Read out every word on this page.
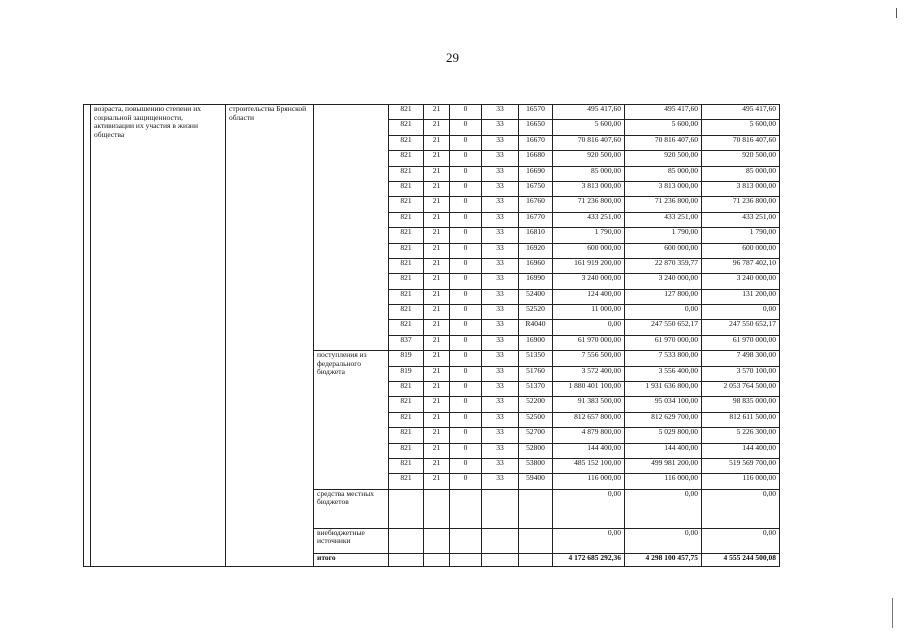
29
	возраста, повышению степени их социальной защищенности, активизации их участия в жизни общества	строительства Брянской области		821	21	0	33	16570	495 417,60	495 417,60	495 417,60
				821	21	0	33	16650	5 600,00	5 600,00	5 600,00
				821	21	0	33	16670	70 816 407,60	70 816 407,60	70 816 407,60
				821	21	0	33	16680	920 500,00	920 500,00	920 500,00
				821	21	0	33	16690	85 000,00	85 000,00	85 000,00
				821	21	0	33	16750	3 813 000,00	3 813 000,00	3 813 000,00
				821	21	0	33	16760	71 236 800,00	71 236 800,00	71 236 800,00
				821	21	0	33	16770	433 251,00	433 251,00	433 251,00
				821	21	0	33	16810	1 790,00	1 790,00	1 790,00
				821	21	0	33	16920	600 000,00	600 000,00	600 000,00
				821	21	0	33	16960	161 919 200,00	22 870 359,77	96 787 402,10
				821	21	0	33	16990	3 240 000,00	3 240 000,00	3 240 000,00
				821	21	0	33	52400	124 400,00	127 800,00	131 200,00
				821	21	0	33	52520	11 000,00	0,00	0,00
				821	21	0	33	R4040	0,00	247 550 652,17	247 550 652,17
				837	21	0	33	16900	61 970 000,00	61 970 000,00	61 970 000,00
			поступления из федерального бюджета	819	21	0	33	51350	7 556 500,00	7 533 800,00	7 498 300,00
				819	21	0	33	51760	3 572 400,00	3 556 400,00	3 570 100,00
				821	21	0	33	51370	1 880 401 100,00	1 931 636 800,00	2 053 764 500,00
				821	21	0	33	52200	91 383 500,00	95 034 100,00	98 835 000,00
				821	21	0	33	52500	812 657 800,00	812 629 700,00	812 611 500,00
				821	21	0	33	52700	4 879 800,00	5 029 800,00	5 226 300,00
				821	21	0	33	52800	144 400,00	144 400,00	144 400,00
				821	21	0	33	53800	485 152 100,00	499 981 200,00	519 569 700,00
				821	21	0	33	59400	116 000,00	116 000,00	116 000,00
			средства местных бюджетов						0,00	0,00	0,00
			внебюджетные источники						0,00	0,00	0,00
			итого						4 172 685 292,36	4 298 100 457,75	4 555 244 500,08
